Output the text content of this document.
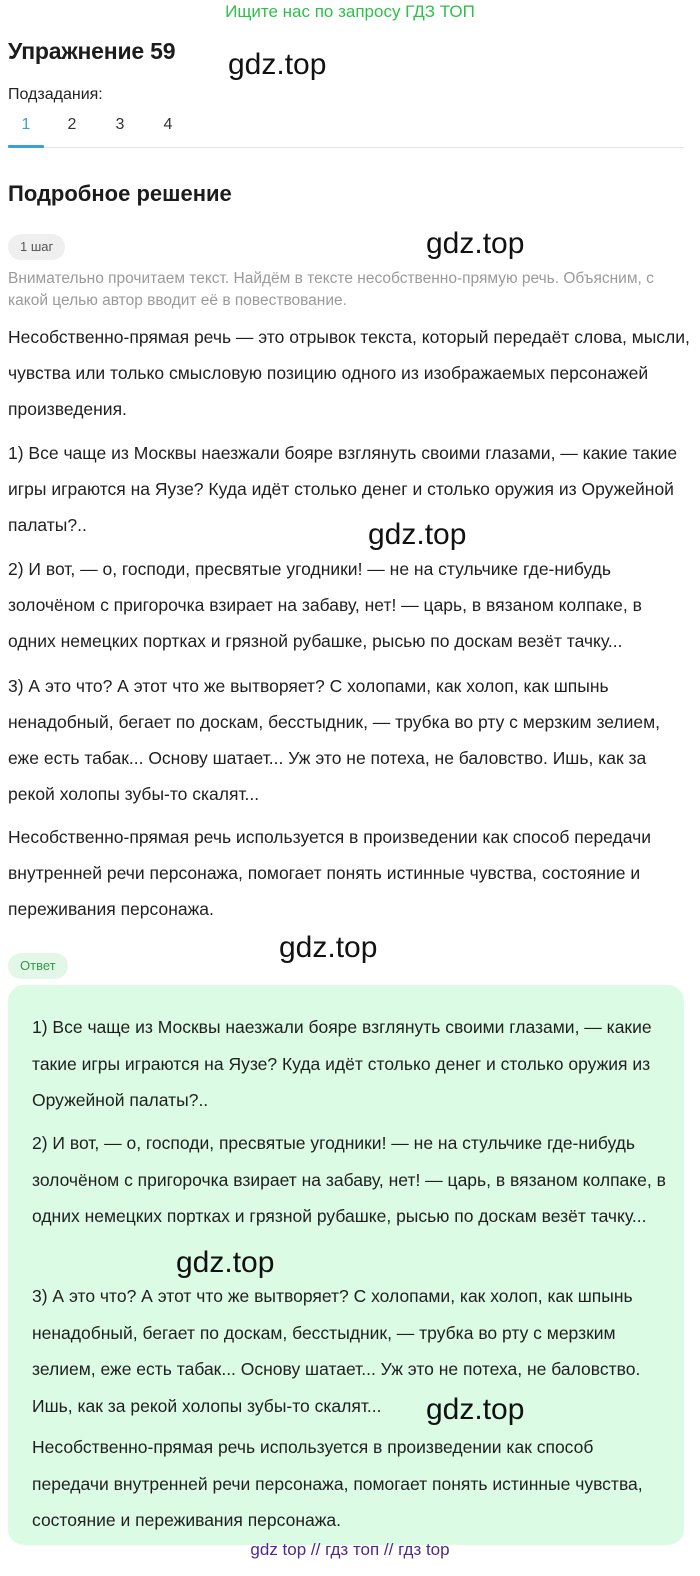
Ищите нас по запросу ГДЗ ТОП
Упражнение 59 gdz.top
Подзадания:
1	2	3	4
Подробное решение
1 шаг	gdz.top
Внимательно прочитаем текст. Найдём в тексте несобственно-прямую речь. Объясним, с какой целью автор вводит её в повествование.
Несобственно-прямая речь — это отрывок текста, который передаёт слова, мысли, чувства или только смысловую позицию одного из изображаемых персонажей произведения.
1) Все чаще из Москвы наезжали бояре взглянуть своими глазами, — какие такие игры играются на Яузе? Куда идёт столько денег и столько оружия из Оружейной палаты?..	gdz.top
2) И вот, — о, господи, пресвятые угодники! — не на стульчике где-нибудь золочёном с пригорочка взирает на забаву, нет! — царь, в вязаном колпаке, в одних немецких портках и грязной рубашке, рысью по доскам везёт тачку...
3) А это что? А этот что же вытворяет? С холопами, как холоп, как шпынь ненадобный, бегает по доскам, бесстыдник, — трубка во рту с мерзким зелием, еже есть табак... Основу шатает... Уж это не потеха, не баловство. Ишь, как за рекой холопы зубы-то скалят...
Несобственно-прямая речь используется в произведении как способ передачи внутренней речи персонажа, помогает понять истинные чувства, состояние и переживания персонажа.
gdz.top
Ответ
1) Все чаще из Москвы наезжали бояре взглянуть своими глазами, — какие такие игры играются на Яузе? Куда идёт столько денег и столько оружия из Оружейной палаты?..
2) И вот, — о, господи, пресвятые угодники! — не на стульчике где-нибудь золочёном с пригорочка взирает на забаву, нет! — царь, в вязаном колпаке, в одних немецких портках и грязной рубашке, рысью по доскам везёт тачку...
gdz.top
3) А это что? А этот что же вытворяет? С холопами, как холоп, как шпынь ненадобный, бегает по доскам, бесстыдник, — трубка во рту с мерзким зелием, еже есть табак... Основу шатает... Уж это не потеха, не баловство. Ишь, как за рекой холопы зубы-то скалят...	gdz.top
Несобственно-прямая речь используется в произведении как способ передачи внутренней речи персонажа, помогает понять истинные чувства, состояние и переживания персонажа.
gdz top // гдз топ // гдз top
